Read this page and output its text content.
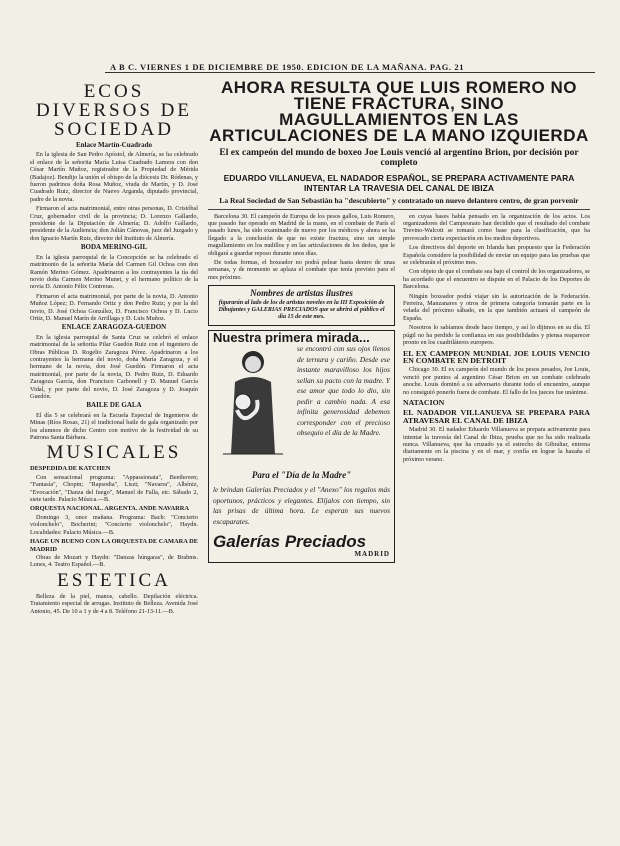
A B C. VIERNES 1 DE DICIEMBRE DE 1950. EDICION DE LA MAÑANA. PAG. 21
ECOS DIVERSOS DE SOCIEDAD
Enlace Martín-Cuadrado

En la iglesia de San Pedro Apóstol, de Almería, se ha celebrado el enlace de la señorita María Luisa Cuadrado Lamera con don César Martín Muñoz, registrador de la Propiedad de Mérida (Badajoz). Bendijo la unión el obispo de la diócesis Dr. Ródenas, y fueron padrinos doña Rosa Muñoz, viuda de Martín, y D. José Cuadrado Ruiz, director de Nuevo Arganda, diputado provincial, padre de la novia.

Firmaron el acta matrimonial, entre otras personas, D. Cristóbal Cruz, gobernador civil de la provincia; D. Lorenzo Gallardo, presidente de la Diputación de Almería; D. Adolfo Gallardo, presidente de la Audiencia; don Julián Cánovas, juez del Juzgado y don Ignacio Martín Ruiz, director del Instituto de Almería.

BODA MERINO-GIL

En la iglesia parroquial de la Concepción se ha celebrado el matrimonio de la señorita María del Carmen Gil Ochoa con don Ramón Merino Gómez. Apadrinaron a los contrayentes la tía del novio doña Carmen Merino Munet, y el hermano político de la novia D. Antonio Félix Contreras.

Firmaron el acta matrimonial, por parte de la novia, D. Antonio Muñoz López; D. Fernando Ortiz y don Pedro Ruiz; y por la del novio, D. José Ochoa González, D. Francisco Ochoa y D. Lucio Ortiz, D. Manuel Marín de Arrillaga y D. Luis Muñoz.

ENLACE ZARAGOZA-GUEDON

En la iglesia parroquial de Santa Cruz se celebró el enlace matrimonial de la señorita Pilar Guedón Ruiz con el ingeniero de Obras Públicas D. Rogelio Zaragoza Pérez. Apadrinaron a los contrayentes la hermana del novio, doña María Zaragoza, y el hermano de la novia, don José Guedón. Firmaron el acta matrimonial, por parte de la novia, D. Pedro Ruiz, D. Eduardo Zaragoza García, don Francisco Carbonell y D. Manuel García Vidal, y por parte del novio, D. José Zaragoza y D. Joaquín Guedón.

BAILE DE GALA

El día 5 se celebrará en la Escuela Especial de Ingenieros de Minas (Ríos Rosas, 21) el tradicional baile de gala organizado por los alumnos de dicho Centro con motivo de la festividad de su Patrona Santa Bárbara.

MUSICALES
DESPEDIDA DE KATCHEN

Con sensacional programa: "Appassionata", Beethoven; "Fantasía", Chopin; "Rapsodia", Liszt; "Navarra", Albéniz, "Evocación", "Danza del fuego", Manuel de Falla, etc. Sábado 2, siete tarde. Palacio Música.—B.

ORQUESTA NACIONAL. ARGENTA. ANDE NAVARRA

Domingo 3, once mañana. Programa: Bach: "Concierto violonchelo", Bocherini; "Concierto violonchelo", Haydn. Localidades: Palacio Música.—B.

HAGE UN BUENO CON LA ORQUESTA DE CAMARA DE MADRID

Obras de Mozart y Haydn: "Danzas húngaras", de Brahms. Lunes, 4. Teatro Español.—B.

ESTETICA

Belleza de la piel, manos, cabello. Depilación eléctrica. Tratamiento especial de arrugas. Instituto de Belleza. Avenida José Antonio, 45. De 10 a 1 y de 4 a 8. Teléfono 21-13-11.—B.

AHORA RESULTA QUE LUIS ROMERO NO TIENE FRACTURA, SINO MAGULLAMIENTOS EN LAS ARTICULACIONES DE LA MANO IZQUIERDA
El ex campeón del mundo de boxeo Joe Louis venció al argentino Brion, por decisión por completo
EDUARDO VILLANUEVA, EL NADADOR ESPAÑOL, SE PREPARA ACTIVAMENTE PARA INTENTAR LA TRAVESIA DEL CANAL DE IBIZA
La Real Sociedad de San Sebastián ha "descubierto" y contratado un nuevo delantero centro, de gran porvenir

Barcelona 30. El campeón de Europa de los pesos gallos, Luis Romero, que pasado fue operado en Madrid de la mano, en el combate de París el pasado lunes, ha sido examinado de nuevo por los médicos y ahora se ha llegado a la conclusión de que no existe fractura, sino un simple magullamiento en los nudillos y en las articulaciones de los dedos, que le obligará a guardar reposo durante unos días.

De todas formas, el boxeador no podrá pelear hasta dentro de unas semanas, y de momento se aplaza el combate que tenía previsto para el mes próximo.

Nombres de artistas ilustres
figurarán al lado de los de artistas noveles en la III Exposición de Dibujantes y GALERIAS PRECIADOS que se abrirá al público el día 15 de este mes.
Nuestra primera mirada...
se encontró con sus ojos llenos de ternura y cariño. Desde ese instante maravilloso los hijos sellan su pacto con la madre. Y ese amor que todo lo dio, sin pedir a cambio nada. A esa infinita generosidad debemos corresponder con el precioso obsequio el día de la Madre.
Para el "Día de la Madre"
le brindan Galerías Preciados y el "Anexo" los regalos más oportunos, prácticos y elegantes. Elíjalos con tiempo, sin las prisas de última hora. Le esperan sus nuevos escaparates.
Galerías Preciados
MADRID

en cuyas bases había pensado en la organización de los actos. Los organizadores del Campeonato han decidido que el resultado del combate Trevino-Walcott se tomará como base para la clasificación, que ha provocado cierta expectación en los medios deportivos.

Los directivos del deporte en Irlanda han propuesto que la Federación Española considere la posibilidad de enviar un equipo para las pruebas que se celebrarán el próximo mes.

Con objeto de que el combate sea bajo el control de los organizadores, se ha acordado que el encuentro se dispute en el Palacio de los Deportes de Barcelona.

Ningún boxeador podrá viajar sin la autorización de la Federación. Ferreira, Manzanares y otros de primera categoría tomarán parte en la velada del próximo sábado, en la que también actuará el campeón de España.

Nosotros lo sabíamos desde hace tiempo, y así lo dijimos en su día. El púgil no ha perdido la confianza en sus posibilidades y piensa reaparecer pronto en los cuadriláteros europeos.

EL EX CAMPEON MUNDIAL JOE LOUIS VENCIO EN COMBATE EN DETROIT

Chicago 30. El ex campeón del mundo de los pesos pesados, Joe Louis, venció por puntos al argentino César Brion en un combate celebrado anoche. Louis dominó a su adversario durante todo el encuentro, aunque no consiguió ponerlo fuera de combate. El fallo de los jueces fue unánime.

NATACION
EL NADADOR VILLANUEVA SE PREPARA PARA ATRAVESAR EL CANAL DE IBIZA

Madrid 30. El nadador Eduardo Villanueva se prepara activamente para intentar la travesía del Canal de Ibiza, prueba que no ha sido realizada nunca. Villanueva, que ha cruzado ya el estrecho de Gibraltar, entrena diariamente en la piscina y en el mar, y confía en lograr la hazaña el próximo verano.
